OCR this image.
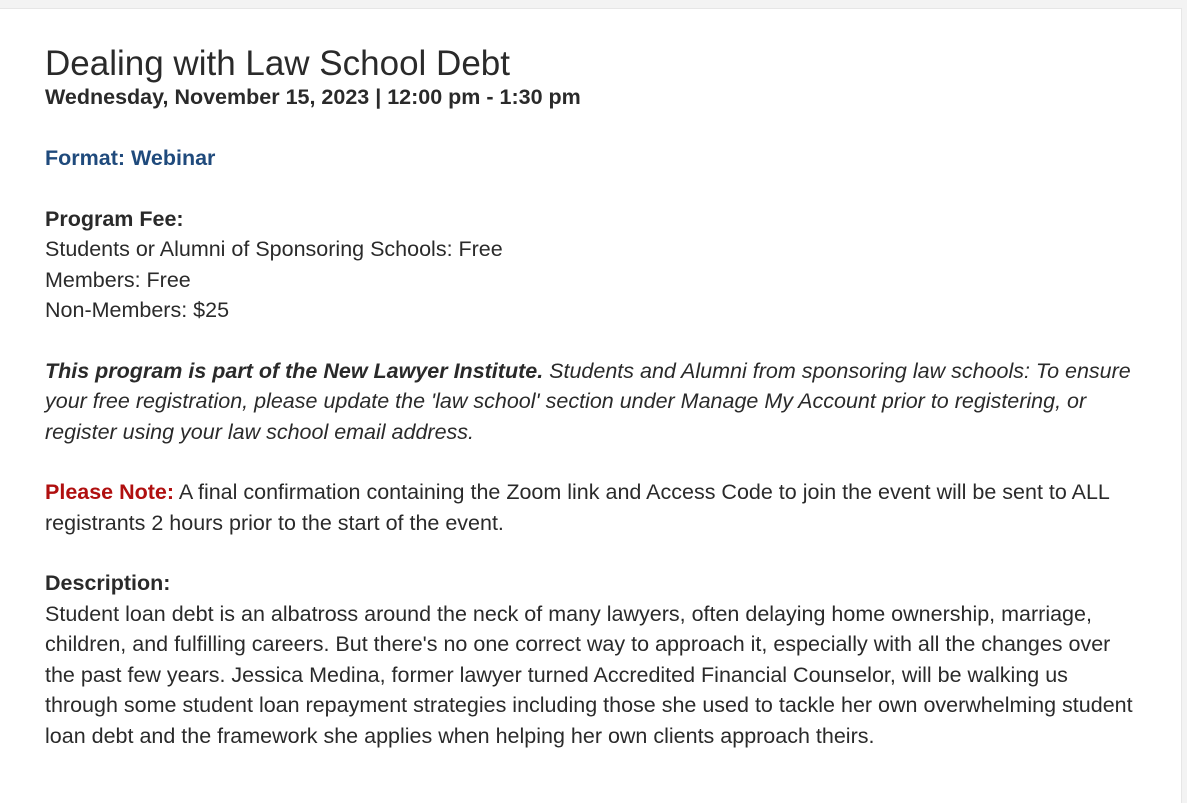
Dealing with Law School Debt
Wednesday, November 15, 2023 | 12:00 pm - 1:30 pm
Format: Webinar
Program Fee:
Students or Alumni of Sponsoring Schools: Free
Members: Free
Non-Members: $25
This program is part of the New Lawyer Institute. Students and Alumni from sponsoring law schools: To ensure your free registration, please update the 'law school' section under Manage My Account prior to registering, or register using your law school email address.
Please Note: A final confirmation containing the Zoom link and Access Code to join the event will be sent to ALL registrants 2 hours prior to the start of the event.
Description:
Student loan debt is an albatross around the neck of many lawyers, often delaying home ownership, marriage, children, and fulfilling careers. But there's no one correct way to approach it, especially with all the changes over the past few years. Jessica Medina, former lawyer turned Accredited Financial Counselor, will be walking us through some student loan repayment strategies including those she used to tackle her own overwhelming student loan debt and the framework she applies when helping her own clients approach theirs.
